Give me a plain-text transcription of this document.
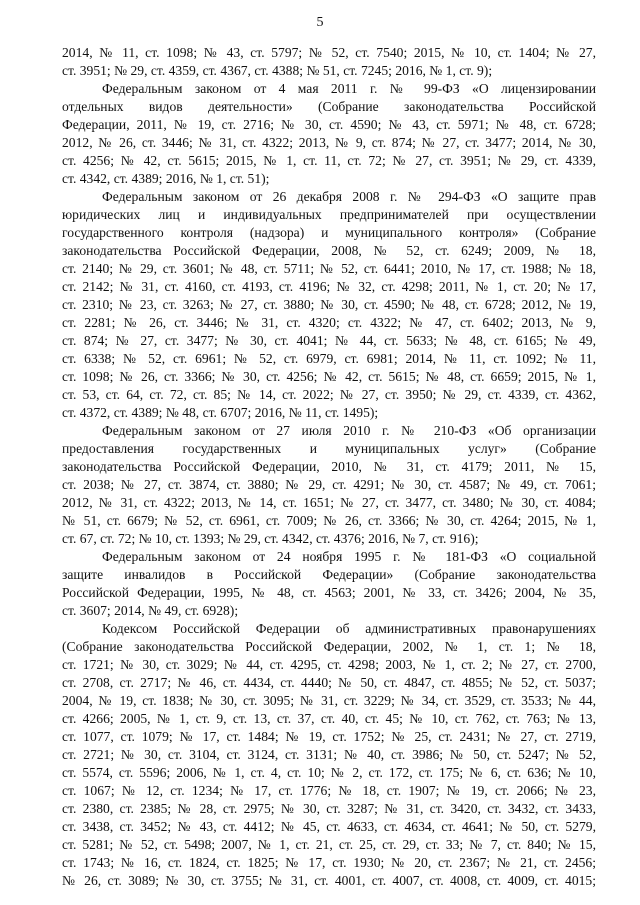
5
2014, № 11, ст. 1098; № 43, ст. 5797; № 52, ст. 7540; 2015, № 10, ст. 1404; № 27,
ст. 3951; № 29, ст. 4359, ст. 4367, ст. 4388; № 51, ст. 7245; 2016, № 1, ст. 9);
Федеральным законом от 4 мая 2011 г. № 99-ФЗ «О лицензировании
отдельных видов деятельности» (Собрание законодательства Российской
Федерации, 2011, № 19, ст. 2716; № 30, ст. 4590; № 43, ст. 5971; № 48, ст. 6728;
2012, № 26, ст. 3446; № 31, ст. 4322; 2013, № 9, ст. 874; № 27, ст. 3477; 2014, № 30,
ст. 4256; № 42, ст. 5615; 2015, № 1, ст. 11, ст. 72; № 27, ст. 3951; № 29, ст. 4339,
ст. 4342, ст. 4389; 2016, № 1, ст. 51);
Федеральным законом от 26 декабря 2008 г. № 294-ФЗ «О защите прав
юридических лиц и индивидуальных предпринимателей при осуществлении
государственного контроля (надзора) и муниципального контроля» (Собрание
законодательства Российской Федерации, 2008, № 52, ст. 6249; 2009, № 18,
ст. 2140; № 29, ст. 3601; № 48, ст. 5711; № 52, ст. 6441; 2010, № 17, ст. 1988; № 18,
ст. 2142; № 31, ст. 4160, ст. 4193, ст. 4196; № 32, ст. 4298; 2011, № 1, ст. 20; № 17,
ст. 2310; № 23, ст. 3263; № 27, ст. 3880; № 30, ст. 4590; № 48, ст. 6728; 2012, № 19,
ст. 2281; № 26, ст. 3446; № 31, ст. 4320; ст. 4322; № 47, ст. 6402; 2013, № 9,
ст. 874; № 27, ст. 3477; № 30, ст. 4041; № 44, ст. 5633; № 48, ст. 6165; № 49,
ст. 6338; № 52, ст. 6961; № 52, ст. 6979, ст. 6981; 2014, № 11, ст. 1092; № 11,
ст. 1098; № 26, ст. 3366; № 30, ст. 4256; № 42, ст. 5615; № 48, ст. 6659; 2015, № 1,
ст. 53, ст. 64, ст. 72, ст. 85; № 14, ст. 2022; № 27, ст. 3950; № 29, ст. 4339, ст. 4362,
ст. 4372, ст. 4389; № 48, ст. 6707; 2016, № 11, ст. 1495);
Федеральным законом от 27 июля 2010 г. № 210-ФЗ «Об организации
предоставления государственных и муниципальных услуг» (Собрание
законодательства Российской Федерации, 2010, № 31, ст. 4179; 2011, № 15,
ст. 2038; № 27, ст. 3874, ст. 3880; № 29, ст. 4291; № 30, ст. 4587; № 49, ст. 7061;
2012, № 31, ст. 4322; 2013, № 14, ст. 1651; № 27, ст. 3477, ст. 3480; № 30, ст. 4084;
№ 51, ст. 6679; № 52, ст. 6961, ст. 7009; № 26, ст. 3366; № 30, ст. 4264; 2015, № 1,
ст. 67, ст. 72; № 10, ст. 1393; № 29, ст. 4342, ст. 4376; 2016, № 7, ст. 916);
Федеральным законом от 24 ноября 1995 г. № 181-ФЗ «О социальной
защите инвалидов в Российской Федерации» (Собрание законодательства
Российской Федерации, 1995, № 48, ст. 4563; 2001, № 33, ст. 3426; 2004, № 35,
ст. 3607; 2014, № 49, ст. 6928);
Кодексом Российской Федерации об административных правонарушениях
(Собрание законодательства Российской Федерации, 2002, № 1, ст. 1; № 18,
ст. 1721; № 30, ст. 3029; № 44, ст. 4295, ст. 4298; 2003, № 1, ст. 2; № 27, ст. 2700,
ст. 2708, ст. 2717; № 46, ст. 4434, ст. 4440; № 50, ст. 4847, ст. 4855; № 52, ст. 5037;
2004, № 19, ст. 1838; № 30, ст. 3095; № 31, ст. 3229; № 34, ст. 3529, ст. 3533; № 44,
ст. 4266; 2005, № 1, ст. 9, ст. 13, ст. 37, ст. 40, ст. 45; № 10, ст. 762, ст. 763; № 13,
ст. 1077, ст. 1079; № 17, ст. 1484; № 19, ст. 1752; № 25, ст. 2431; № 27, ст. 2719,
ст. 2721; № 30, ст. 3104, ст. 3124, ст. 3131; № 40, ст. 3986; № 50, ст. 5247; № 52,
ст. 5574, ст. 5596; 2006, № 1, ст. 4, ст. 10; № 2, ст. 172, ст. 175; № 6, ст. 636; № 10,
ст. 1067; № 12, ст. 1234; № 17, ст. 1776; № 18, ст. 1907; № 19, ст. 2066; № 23,
ст. 2380, ст. 2385; № 28, ст. 2975; № 30, ст. 3287; № 31, ст. 3420, ст. 3432, ст. 3433,
ст. 3438, ст. 3452; № 43, ст. 4412; № 45, ст. 4633, ст. 4634, ст. 4641; № 50, ст. 5279,
ст. 5281; № 52, ст. 5498; 2007, № 1, ст. 21, ст. 25, ст. 29, ст. 33; № 7, ст. 840; № 15,
ст. 1743; № 16, ст. 1824, ст. 1825; № 17, ст. 1930; № 20, ст. 2367; № 21, ст. 2456;
№ 26, ст. 3089; № 30, ст. 3755; № 31, ст. 4001, ст. 4007, ст. 4008, ст. 4009, ст. 4015;
